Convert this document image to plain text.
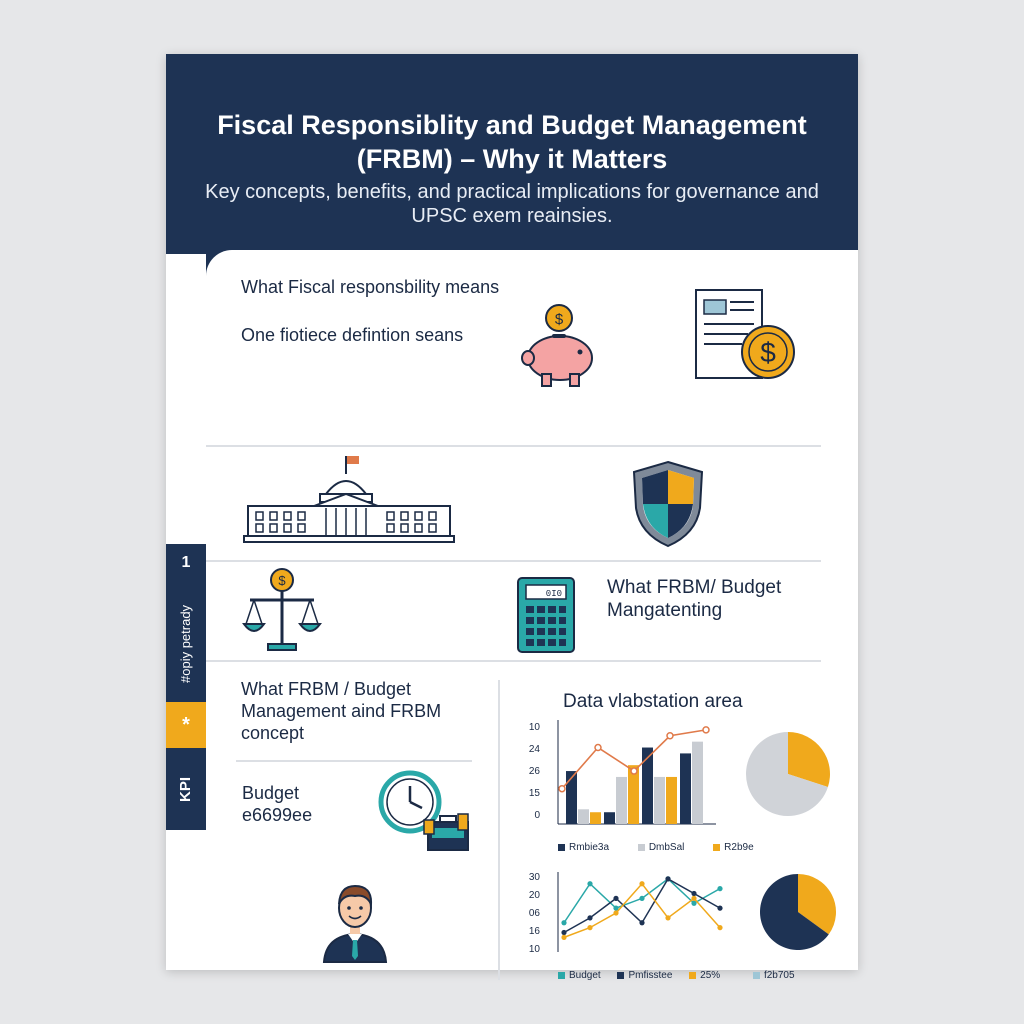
Fiscal Responsiblity and Budget Management (FRBM) – Why it Matters
Key concepts, benefits, and practical implications for governance and UPSC exem reainsies.
1
#opiy petrady
*
KPI
What Fiscal responsbility means
One fiotiece defintion seans
$
$
$
0I0 What FRBM/ Budget Mangatenting
What FRBM / Budget Management aind FRBM concept
Budget e6699ee
Data vlabstation area
10
24
26
15
0
Rmbie3a	DmbSal	R2b9e
30
20
06
16
10
Budget	Pmfisstee	25%	f2b705
